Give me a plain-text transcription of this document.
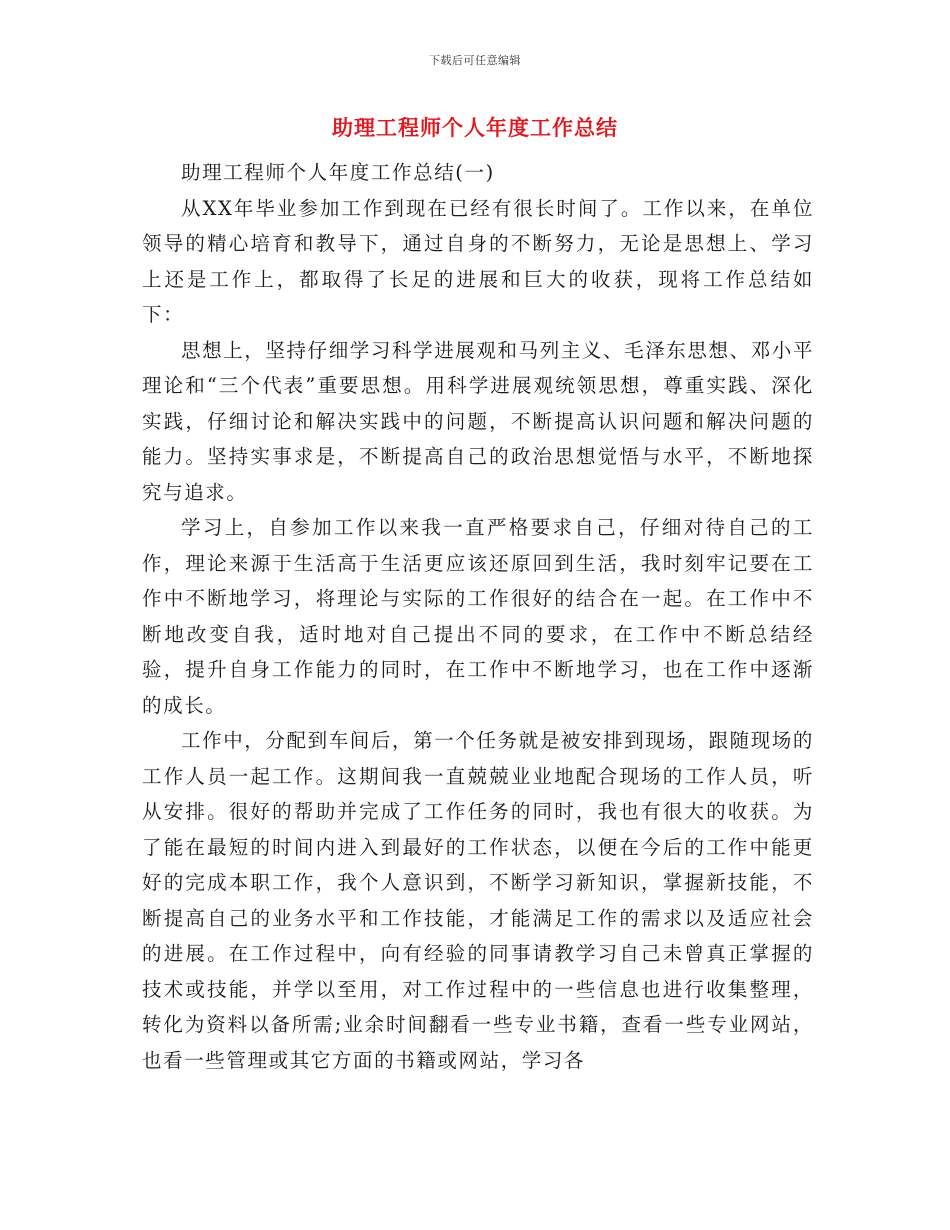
下载后可任意编辑
助理工程师个人年度工作总结

助理工程师个人年度工作总结(一)

从XX年毕业参加工作到现在已经有很长时间了。工作以来，在单位领导的精心培育和教导下，通过自身的不断努力，无论是思想上、学习上还是工作上，都取得了长足的进展和巨大的收获，现将工作总结如下：

思想上，坚持仔细学习科学进展观和马列主义、毛泽东思想、邓小平理论和“三个代表”重要思想。用科学进展观统领思想，尊重实践、深化实践，仔细讨论和解决实践中的问题，不断提高认识问题和解决问题的能力。坚持实事求是，不断提高自己的政治思想觉悟与水平，不断地探究与追求。

学习上，自参加工作以来我一直严格要求自己，仔细对待自己的工作，理论来源于生活高于生活更应该还原回到生活，我时刻牢记要在工作中不断地学习，将理论与实际的工作很好的结合在一起。在工作中不断地改变自我，适时地对自己提出不同的要求，在工作中不断总结经验，提升自身工作能力的同时，在工作中不断地学习，也在工作中逐渐的成长。

工作中，分配到车间后，第一个任务就是被安排到现场，跟随现场的工作人员一起工作。这期间我一直兢兢业业地配合现场的工作人员，听从安排。很好的帮助并完成了工作任务的同时，我也有很大的收获。为了能在最短的时间内进入到最好的工作状态，以便在今后的工作中能更好的完成本职工作，我个人意识到，不断学习新知识，掌握新技能，不断提高自己的业务水平和工作技能，才能满足工作的需求以及适应社会的进展。在工作过程中，向有经验的同事请教学习自己未曾真正掌握的技术或技能，并学以至用，对工作过程中的一些信息也进行收集整理，转化为资料以备所需;业余时间翻看一些专业书籍，查看一些专业网站，也看一些管理或其它方面的书籍或网站，学习各
